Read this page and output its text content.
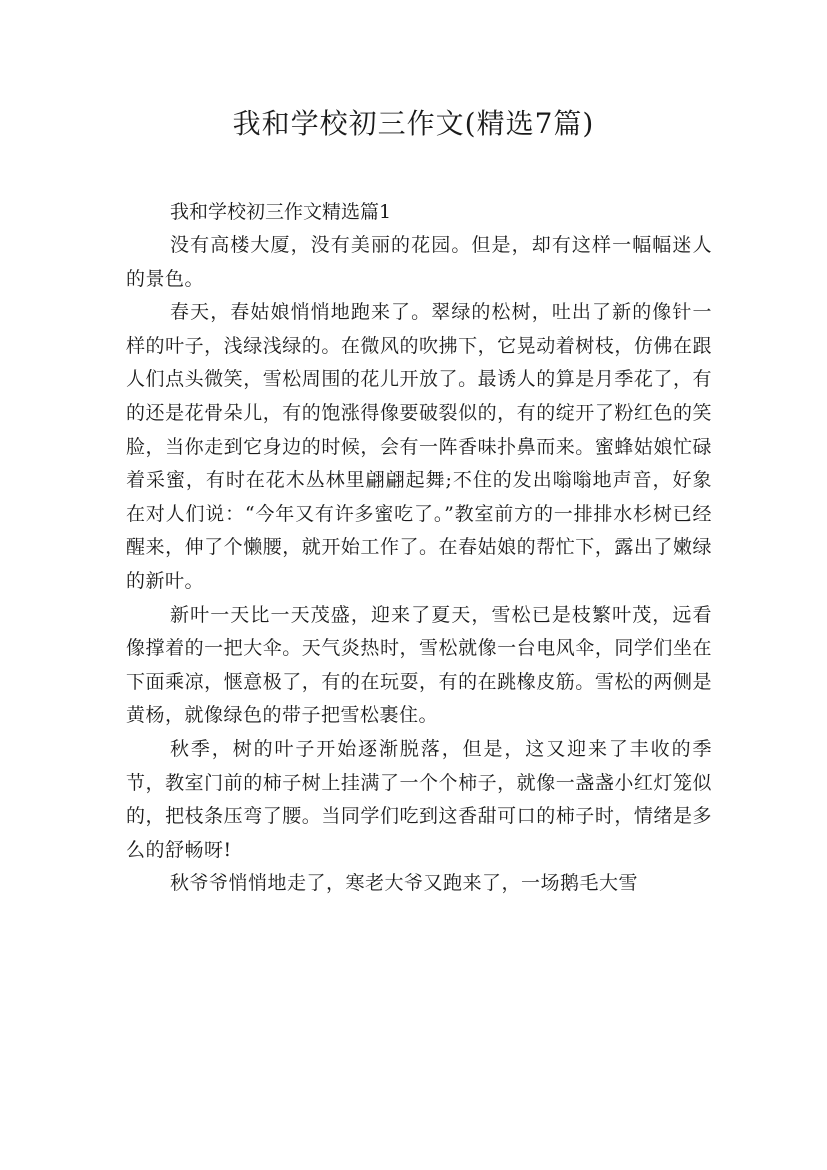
我和学校初三作文(精选7篇)

我和学校初三作文精选篇1

没有高楼大厦，没有美丽的花园。但是，却有这样一幅幅迷人的景色。

春天，春姑娘悄悄地跑来了。翠绿的松树，吐出了新的像针一样的叶子，浅绿浅绿的。在微风的吹拂下，它晃动着树枝，仿佛在跟人们点头微笑，雪松周围的花儿开放了。最诱人的算是月季花了，有的还是花骨朵儿，有的饱涨得像要破裂似的，有的绽开了粉红色的笑脸，当你走到它身边的时候，会有一阵香味扑鼻而来。蜜蜂姑娘忙碌着采蜜，有时在花木丛林里翩翩起舞;不住的发出嗡嗡地声音，好象在对人们说：“今年又有许多蜜吃了。”教室前方的一排排水杉树已经醒来，伸了个懒腰，就开始工作了。在春姑娘的帮忙下，露出了嫩绿的新叶。

新叶一天比一天茂盛，迎来了夏天，雪松已是枝繁叶茂，远看像撑着的一把大伞。天气炎热时，雪松就像一台电风伞，同学们坐在下面乘凉，惬意极了，有的在玩耍，有的在跳橡皮筋。雪松的两侧是黄杨，就像绿色的带子把雪松裹住。

秋季，树的叶子开始逐渐脱落，但是，这又迎来了丰收的季节，教室门前的柿子树上挂满了一个个柿子，就像一盏盏小红灯笼似的，把枝条压弯了腰。当同学们吃到这香甜可口的柿子时，情绪是多么的舒畅呀!

秋爷爷悄悄地走了，寒老大爷又跑来了，一场鹅毛大雪
